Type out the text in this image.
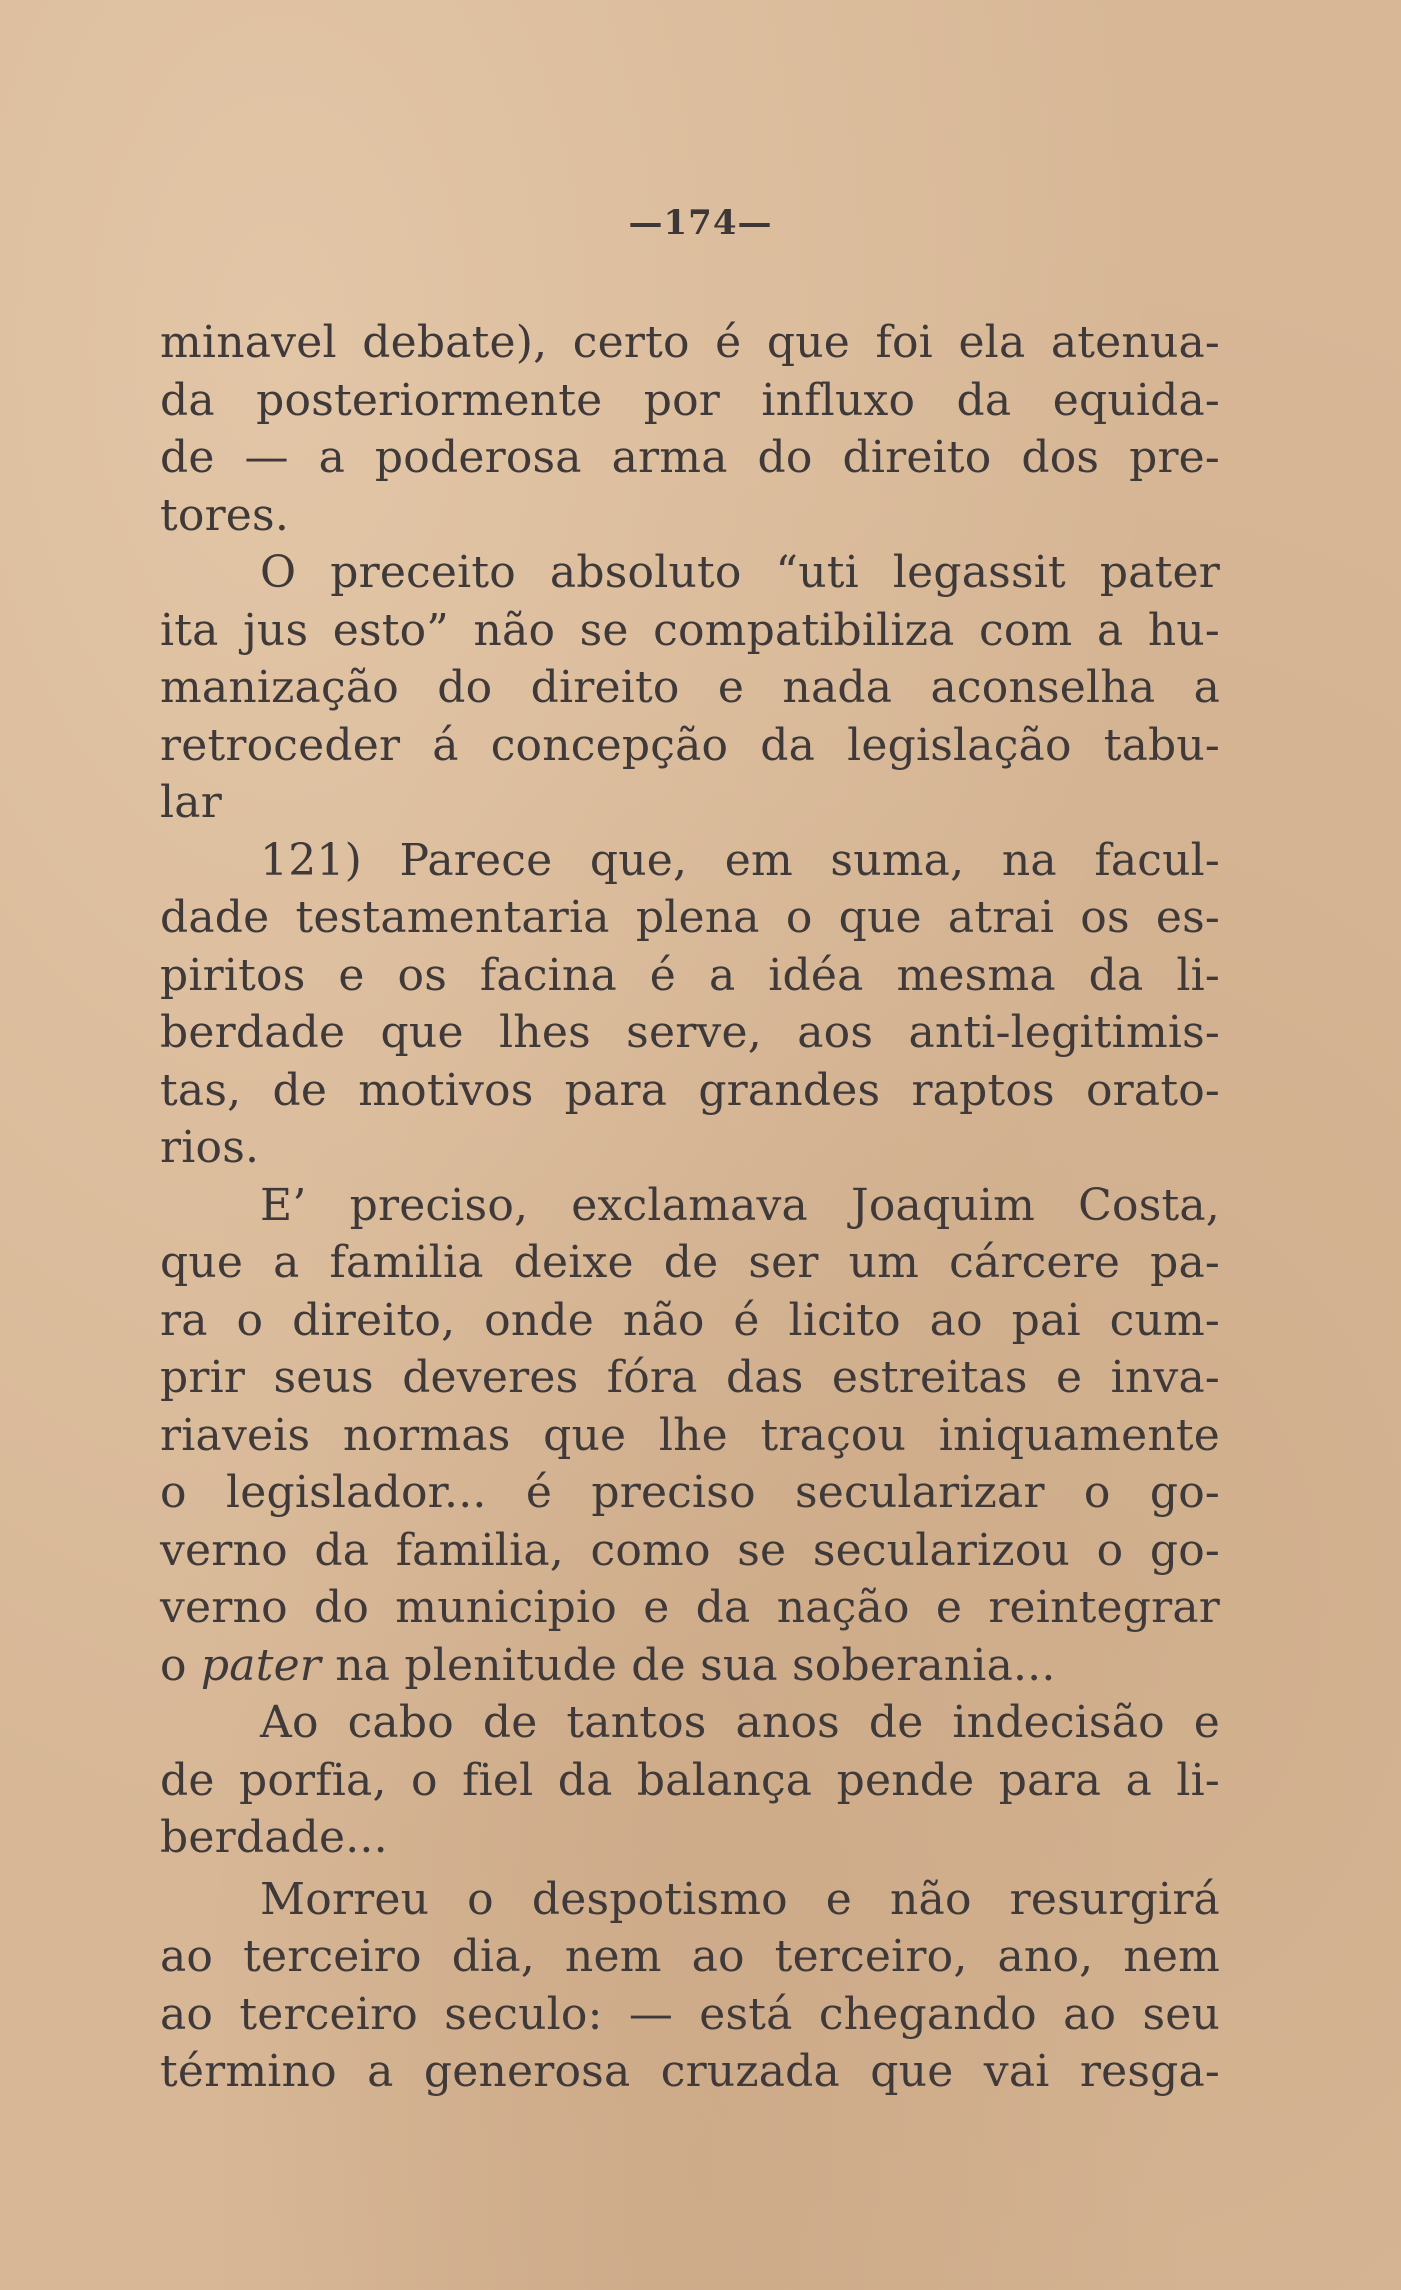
—174—
minavel debate), certo é que foi ela atenua-
da posteriormente por influxo da equida-
de — a poderosa arma do direito dos pre-
tores.
O preceito absoluto “uti legassit pater
ita jus esto” não se compatibiliza com a hu-
manização do direito e nada aconselha a
retroceder á concepção da legislação tabu-
lar
121) Parece que, em suma, na facul-
dade testamentaria plena o que atrai os es-
piritos e os facina é a idéa mesma da li-
berdade que lhes serve, aos anti-legitimis-
tas, de motivos para grandes raptos orato-
rios.
E’ preciso, exclamava Joaquim Costa,
que a familia deixe de ser um cárcere pa-
ra o direito, onde não é licito ao pai cum-
prir seus deveres fóra das estreitas e inva-
riaveis normas que lhe traçou iniquamente
o legislador... é preciso secularizar o go-
verno da familia, como se secularizou o go-
verno do municipio e da nação e reintegrar
o pater na plenitude de sua soberania...
Ao cabo de tantos anos de indecisão e
de porfia, o fiel da balança pende para a li-
berdade...
Morreu o despotismo e não resurgirá
ao terceiro dia, nem ao terceiro, ano, nem
ao terceiro seculo: — está chegando ao seu
término a generosa cruzada que vai resga-
